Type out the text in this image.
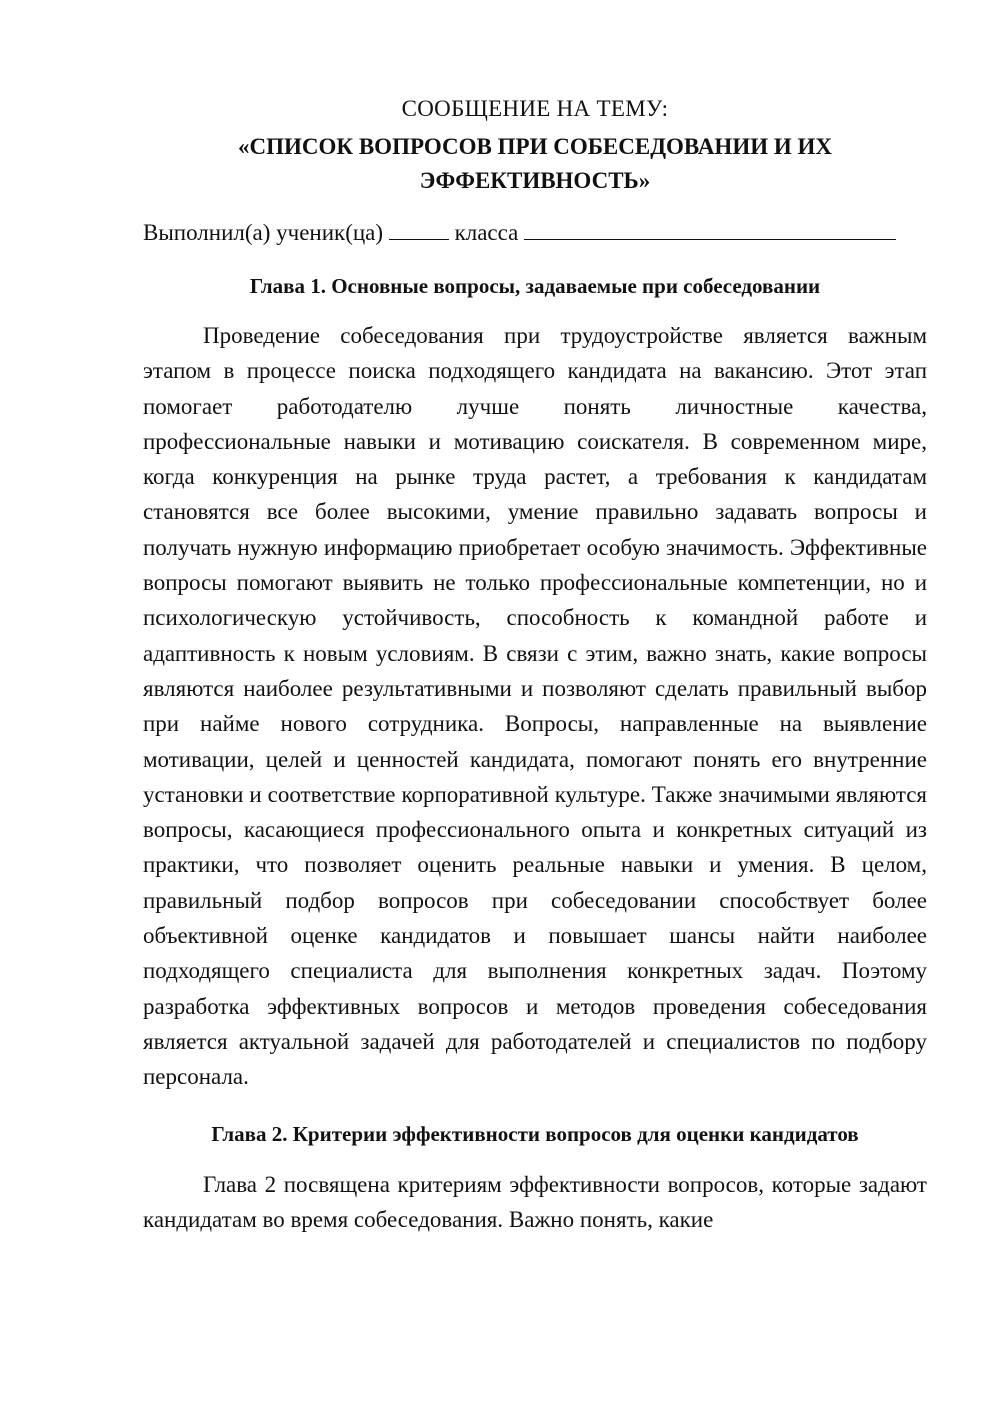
СООБЩЕНИЕ НА ТЕМУ:

«СПИСОК ВОПРОСОВ ПРИ СОБЕСЕДОВАНИИ И ИХ ЭФФЕКТИВНОСТЬ»

Выполнил(а) ученик(ца)	класса
Глава 1. Основные вопросы, задаваемые при собеседовании

Проведение собеседования при трудоустройстве является важным этапом в процессе поиска подходящего кандидата на вакансию. Этот этап помогает работодателю лучше понять личностные качества, профессиональные навыки и мотивацию соискателя. В современном мире, когда конкуренция на рынке труда растет, а требования к кандидатам становятся все более высокими, умение правильно задавать вопросы и получать нужную информацию приобретает особую значимость. Эффективные вопросы помогают выявить не только профессиональные компетенции, но и психологическую устойчивость, способность к командной работе и адаптивность к новым условиям. В связи с этим, важно знать, какие вопросы являются наиболее результативными и позволяют сделать правильный выбор при найме нового сотрудника. Вопросы, направленные на выявление мотивации, целей и ценностей кандидата, помогают понять его внутренние установки и соответствие корпоративной культуре. Также значимыми являются вопросы, касающиеся профессионального опыта и конкретных ситуаций из практики, что позволяет оценить реальные навыки и умения. В целом, правильный подбор вопросов при собеседовании способствует более объективной оценке кандидатов и повышает шансы найти наиболее подходящего специалиста для выполнения конкретных задач. Поэтому разработка эффективных вопросов и методов проведения собеседования является актуальной задачей для работодателей и специалистов по подбору персонала.

Глава 2. Критерии эффективности вопросов для оценки кандидатов

Глава 2 посвящена критериям эффективности вопросов, которые задают кандидатам во время собеседования. Важно понять, какие
